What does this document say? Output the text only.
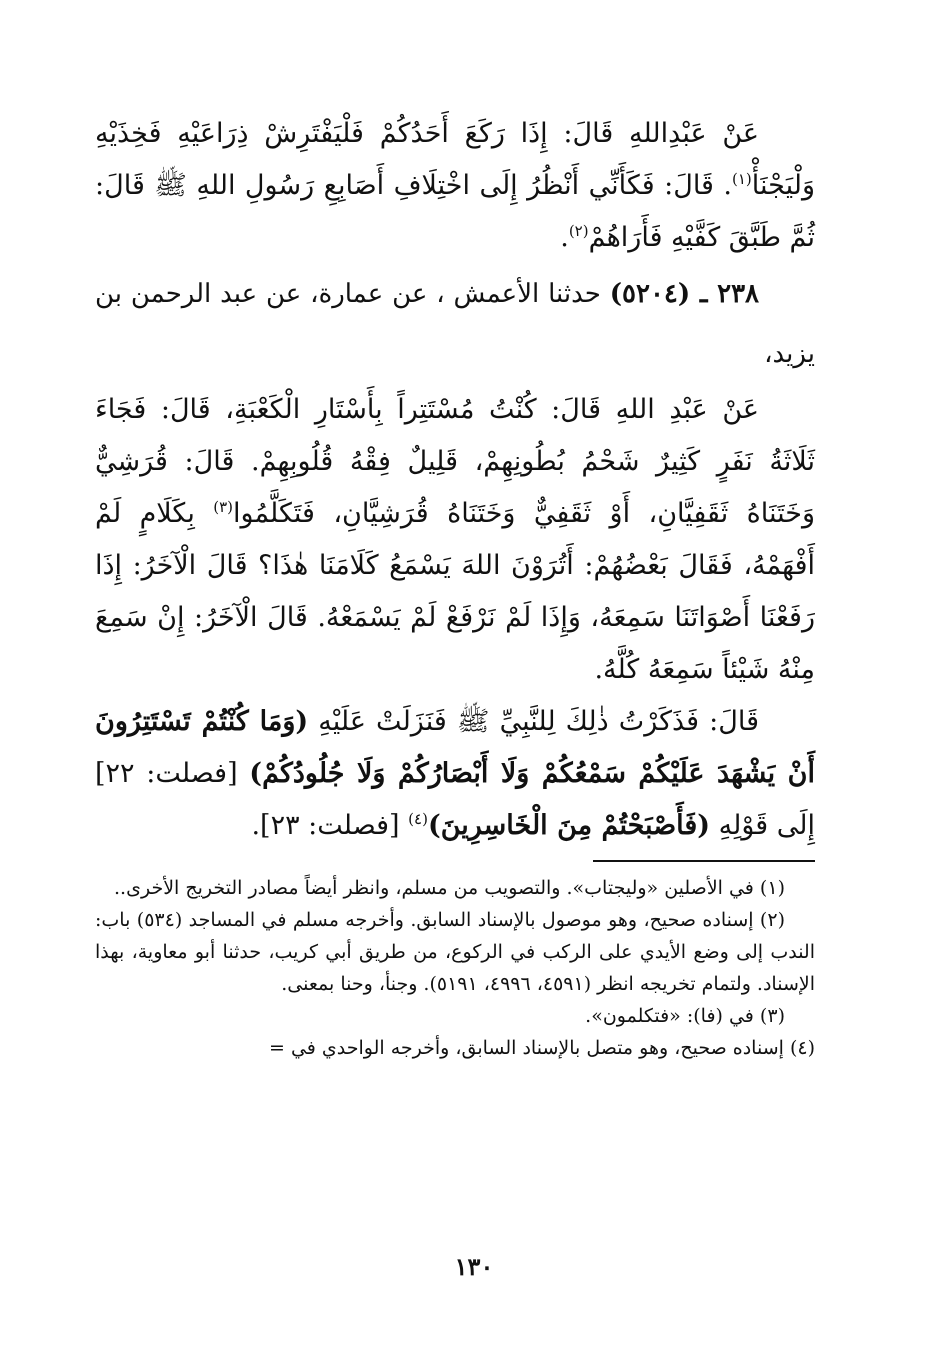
عَنْ عَبْدِاللهِ قَالَ: إِذَا رَكَعَ أَحَدُكُمْ فَلْيَفْتَرِشْ ذِرَاعَيْهِ فَخِذَيْهِ وَلْيَجْنَأْ$^{(١)}$. قَالَ: فَكَأَنِّي أَنْظُرُ إِلَى اخْتِلَافِ أَصَابِعِ رَسُولِ اللهِ ﷺ قَالَ: ثُمَّ طَبَّقَ كَفَّيْهِ فَأَرَاهُمْ$^{(٢)}$.

٢٣٨ ـ (٥٢٠٤) حدثنا الأعمش ، عن عمارة، عن عبد الرحمن بن يزيد،

عَنْ عَبْدِ اللهِ قَالَ: كُنْتُ مُسْتَتِراً بِأَسْتَارِ الْكَعْبَةِ، قَالَ: فَجَاءَ ثَلَاثَةُ نَفَرٍ كَثِيرٌ شَحْمُ بُطُونِهِمْ، قَلِيلٌ فِقْهُ قُلُوبِهِمْ. قَالَ: قُرَشِيٌّ وَخَتَنَاهُ ثَقَفِيَّانِ، أَوْ ثَقَفِيٌّ وَخَتَنَاهُ قُرَشِيَّانِ، فَتَكَلَّمُوا$^{(٣)}$ بِكَلَامٍ لَمْ أَفْهَمْهُ، فَقَالَ بَعْضُهُمْ: أَتُرَوْنَ اللهَ يَسْمَعُ كَلَامَنَا هٰذَا؟ قَالَ الْآخَرُ: إِذَا رَفَعْنَا أَصْوَاتَنَا سَمِعَهُ، وَإِذَا لَمْ نَرْفَعْ لَمْ يَسْمَعْهُ. قَالَ الْآخَرُ: إِنْ سَمِعَ مِنْهُ شَيْئاً سَمِعَهُ كُلَّهُ.

قَالَ: فَذَكَرْتُ ذٰلِكَ لِلنَّبِيِّ ﷺ فَنَزَلَتْ عَلَيْهِ (وَمَا كُنْتُمْ تَسْتَتِرُونَ أَنْ يَشْهَدَ عَلَيْكُمْ سَمْعُكُمْ وَلَا أَبْصَارُكُمْ وَلَا جُلُودُكُمْ) [فصلت: ٢٢] إِلَى قَوْلِهِ (فَأَصْبَحْتُمْ مِنَ الْخَاسِرِينَ)$^{(٤)}$ [فصلت: ٢٣].

(١) في الأصلين «وليجتاب». والتصويب من مسلم، وانظر أيضاً مصادر التخريج الأخرى..

(٢) إسناده صحيح، وهو موصول بالإسناد السابق. وأخرجه مسلم في المساجد (٥٣٤) باب: الندب إلى وضع الأيدي على الركب في الركوع، من طريق أبي كريب، حدثنا أبو معاوية، بهذا الإسناد. ولتمام تخريجه انظر (٤٥٩١، ٤٩٩٦، ٥١٩١). وجنأ، وحنا بمعنى.

(٣) في (فا): «فتكلمون».

(٤) إسناده صحيح، وهو متصل بالإسناد السابق، وأخرجه الواحدي في =

١٣٠
